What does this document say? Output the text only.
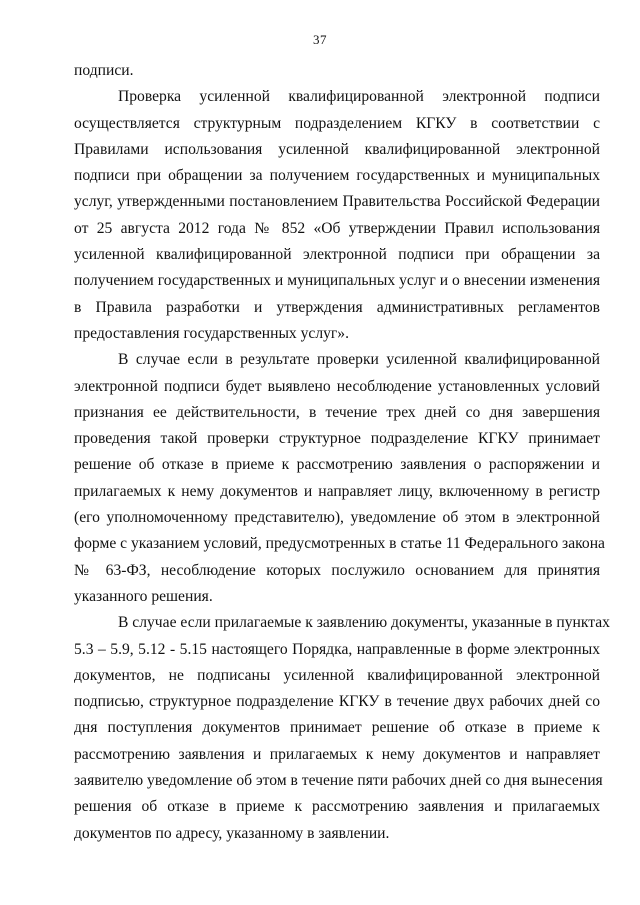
37

подписи.

Проверка усиленной квалифицированной электронной подписи
осуществляется структурным подразделением КГКУ в соответствии с
Правилами использования усиленной квалифицированной электронной
подписи при обращении за получением государственных и муниципальных
услуг, утвержденными постановлением Правительства Российской Федерации
от 25 августа 2012 года № 852 «Об утверждении Правил использования
усиленной квалифицированной электронной подписи при обращении за
получением государственных и муниципальных услуг и о внесении изменения
в Правила разработки и утверждения административных регламентов
предоставления государственных услуг».

В случае если в результате проверки усиленной квалифицированной
электронной подписи будет выявлено несоблюдение установленных условий
признания ее действительности, в течение трех дней со дня завершения
проведения такой проверки структурное подразделение КГКУ принимает
решение об отказе в приеме к рассмотрению заявления о распоряжении и
прилагаемых к нему документов и направляет лицу, включенному в регистр
(его уполномоченному представителю), уведомление об этом в электронной
форме с указанием условий, предусмотренных в статье 11 Федерального закона
№ 63-ФЗ, несоблюдение которых послужило основанием для принятия
указанного решения.

В случае если прилагаемые к заявлению документы, указанные в пунктах
5.3 – 5.9, 5.12 - 5.15 настоящего Порядка, направленные в форме электронных
документов, не подписаны усиленной квалифицированной электронной
подписью, структурное подразделение КГКУ в течение двух рабочих дней со
дня поступления документов принимает решение об отказе в приеме к
рассмотрению заявления и прилагаемых к нему документов и направляет
заявителю уведомление об этом в течение пяти рабочих дней со дня вынесения
решения об отказе в приеме к рассмотрению заявления и прилагаемых
документов по адресу, указанному в заявлении.
